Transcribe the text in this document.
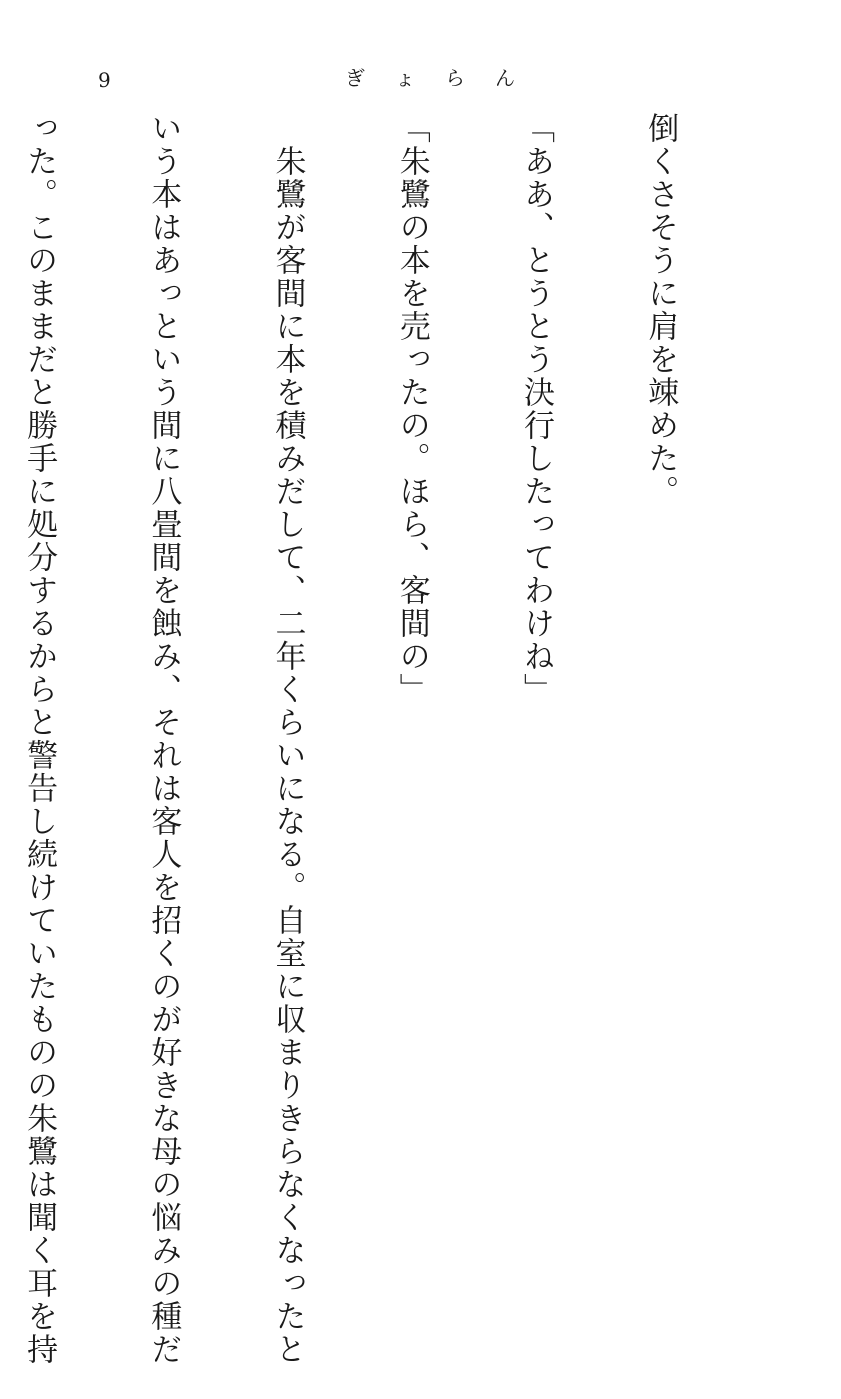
9	ぎょらん

倒くさそうに肩を竦めた。

「ああ、とうとう決行したってわけね」

「朱鷺の本を売ったの。ほら、客間の」

　朱鷺が客間に本を積みだして、二年くらいになる。自室に収まりきらなくなったと

いう本はあっという間に八畳間を蝕み、それは客人を招くのが好きな母の悩みの種だ

った。このままだと勝手に処分するからと警告し続けていたものの朱鷺は聞く耳を持
